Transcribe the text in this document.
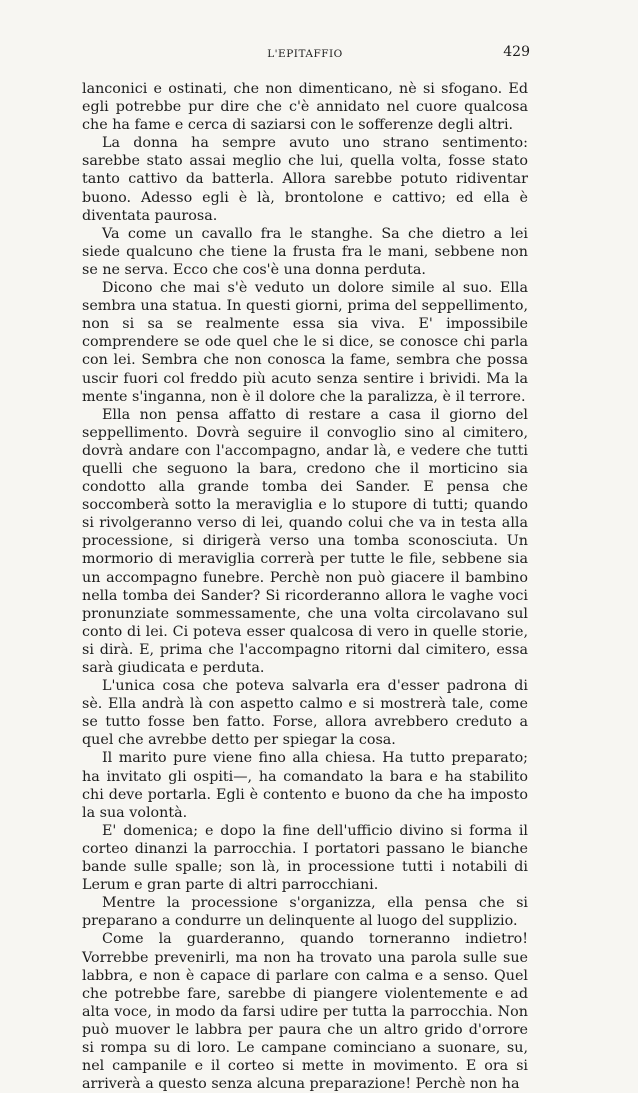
L'EPITAFFIO	429

lanconici e ostinati, che non dimenticano, nè si sfogano. Ed egli potrebbe pur dire che c'è annidato nel cuore qualcosa che ha fame e cerca di saziarsi con le sofferenze degli altri.

La donna ha sempre avuto uno strano sentimento: sarebbe stato assai meglio che lui, quella volta, fosse stato tanto cattivo da batterla. Allora sarebbe potuto ridiventar buono. Adesso egli è là, brontolone e cattivo; ed ella è diventata paurosa.

Va come un cavallo fra le stanghe. Sa che dietro a lei siede qualcuno che tiene la frusta fra le mani, sebbene non se ne serva. Ecco che cos'è una donna perduta.

Dicono che mai s'è veduto un dolore simile al suo. Ella sembra una statua. In questi giorni, prima del seppellimento, non si sa se realmente essa sia viva. E' impossibile comprendere se ode quel che le si dice, se conosce chi parla con lei. Sembra che non conosca la fame, sembra che possa uscir fuori col freddo più acuto senza sentire i brividi. Ma la mente s'inganna, non è il dolore che la paralizza, è il terrore.

Ella non pensa affatto di restare a casa il giorno del seppellimento. Dovrà seguire il convoglio sino al cimitero, dovrà andare con l'accompagno, andar là, e vedere che tutti quelli che seguono la bara, credono che il morticino sia condotto alla grande tomba dei Sander. E pensa che soccomberà sotto la meraviglia e lo stupore di tutti; quando si rivolgeranno verso di lei, quando colui che va in testa alla processione, si dirigerà verso una tomba sconosciuta. Un mormorio di meraviglia correrà per tutte le file, sebbene sia un accompagno funebre. Perchè non può giacere il bambino nella tomba dei Sander? Si ricorderanno allora le vaghe voci pronunziate sommessamente, che una volta circolavano sul conto di lei. Ci poteva esser qualcosa di vero in quelle storie, si dirà. E, prima che l'accompagno ritorni dal cimitero, essa sarà giudicata e perduta.

L'unica cosa che poteva salvarla era d'esser padrona di sè. Ella andrà là con aspetto calmo e si mostrerà tale, come se tutto fosse ben fatto. Forse, allora avrebbero creduto a quel che avrebbe detto per spiegar la cosa.

Il marito pure viene fino alla chiesa. Ha tutto preparato; ha invitato gli ospiti—, ha comandato la bara e ha stabilito chi deve portarla. Egli è contento e buono da che ha imposto la sua volontà.

E' domenica; e dopo la fine dell'ufficio divino si forma il corteo dinanzi la parrocchia. I portatori passano le bianche bande sulle spalle; son là, in processione tutti i notabili di Lerum e gran parte di altri parrocchiani.

Mentre la processione s'organizza, ella pensa che si preparano a condurre un delinquente al luogo del supplizio.

Come la guarderanno, quando torneranno indietro! Vorrebbe prevenirli, ma non ha trovato una parola sulle sue labbra, e non è capace di parlare con calma e a senso. Quel che potrebbe fare, sarebbe di piangere violentemente e ad alta voce, in modo da farsi udire per tutta la parrocchia. Non può muover le labbra per paura che un altro grido d'orrore si rompa su di loro. Le campane cominciano a suonare, su, nel campanile e il corteo si mette in movimento. E ora si arriverà a questo senza alcuna preparazione! Perchè non ha
